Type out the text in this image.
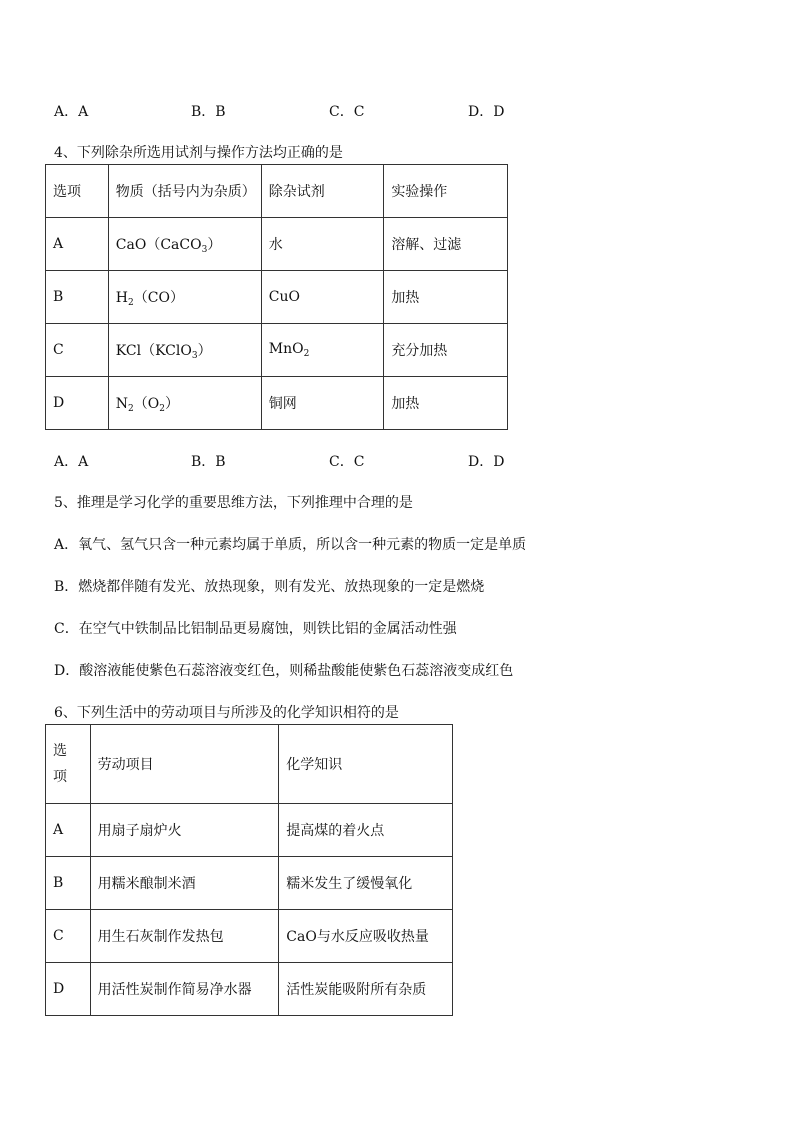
A．A	B．B	C．C	D．D
4、下列除杂所选用试剂与操作方法均正确的是
选项	物质（括号内为杂质）	除杂试剂	实验操作
A	CaO（CaCO$_3$）	水	溶解、过滤
B	$H_2(CO)$	CuO	加热
C	KCl（KClO$_3$）	MnO$_2$	充分加热
D	$N_2(O_2)$	铜网	加热
A．A	B．B	C．C	D．D
5、推理是学习化学的重要思维方法，下列推理中合理的是
A．氧气、氢气只含一种元素均属于单质，所以含一种元素的物质一定是单质
B．燃烧都伴随有发光、放热现象，则有发光、放热现象的一定是燃烧
C．在空气中铁制品比铝制品更易腐蚀，则铁比铝的金属活动性强
D．酸溶液能使紫色石蕊溶液变红色，则稀盐酸能使紫色石蕊溶液变成红色
6、下列生活中的劳动项目与所涉及的化学知识相符的是
选
项	劳动项目	化学知识
A	用扇子扇炉火	提高煤的着火点
B	用糯米酿制米酒	糯米发生了缓慢氧化
C	用生石灰制作发热包	CaO与水反应吸收热量
D	用活性炭制作简易净水器	活性炭能吸附所有杂质
